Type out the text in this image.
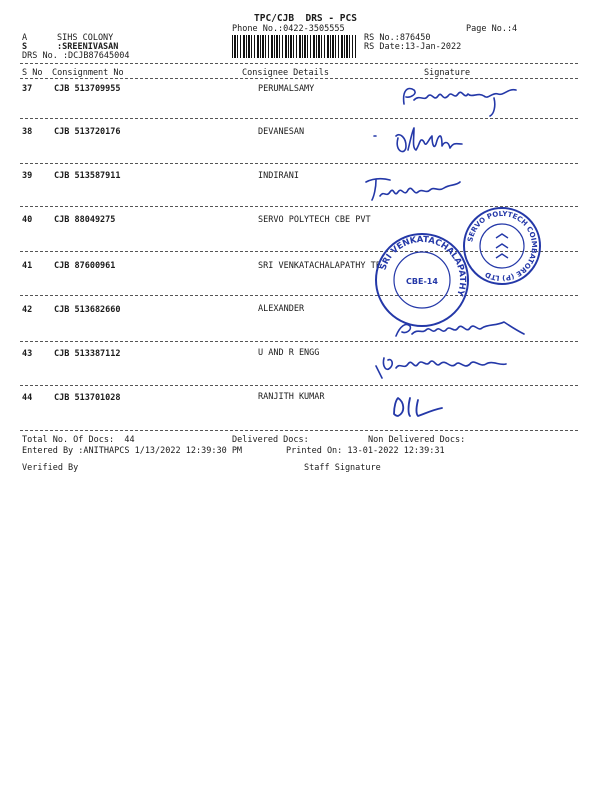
TPC/CJB  DRS - PCS
Phone No.:0422-3505555	Page No.:4
A	SIHS COLONY
S	:SREENIVASAN
DRS No. :DCJB87645004
RS No.:876450
RS Date:13-Jan-2022
S No Consignment No	Consignee Details	Signature
37	CJB 513709955	PERUMALSAMY
38	CJB 513720176	DEVANESAN
39	CJB 513587911	INDIRANI
40	CJB 88049275	SERVO POLYTECH CBE PVT
41	CJB 87600961	SRI VENKATACHALAPATHY TE
42	CJB 513682660	ALEXANDER
43	CJB 513387112	U AND R ENGG
44	CJB 513701028	RANJITH KUMAR
SERVO POLYTECH COIMBATORE (P) LTD
SRI VENKATACHALAPATHY
CBE-14
Total No. Of Docs:  44	Delivered Docs:	Non Delivered Docs:
Entered By :ANITHAPCS 1/13/2022 12:39:30 PM	Printed On: 13-01-2022 12:39:31
Verified By	Staff Signature
